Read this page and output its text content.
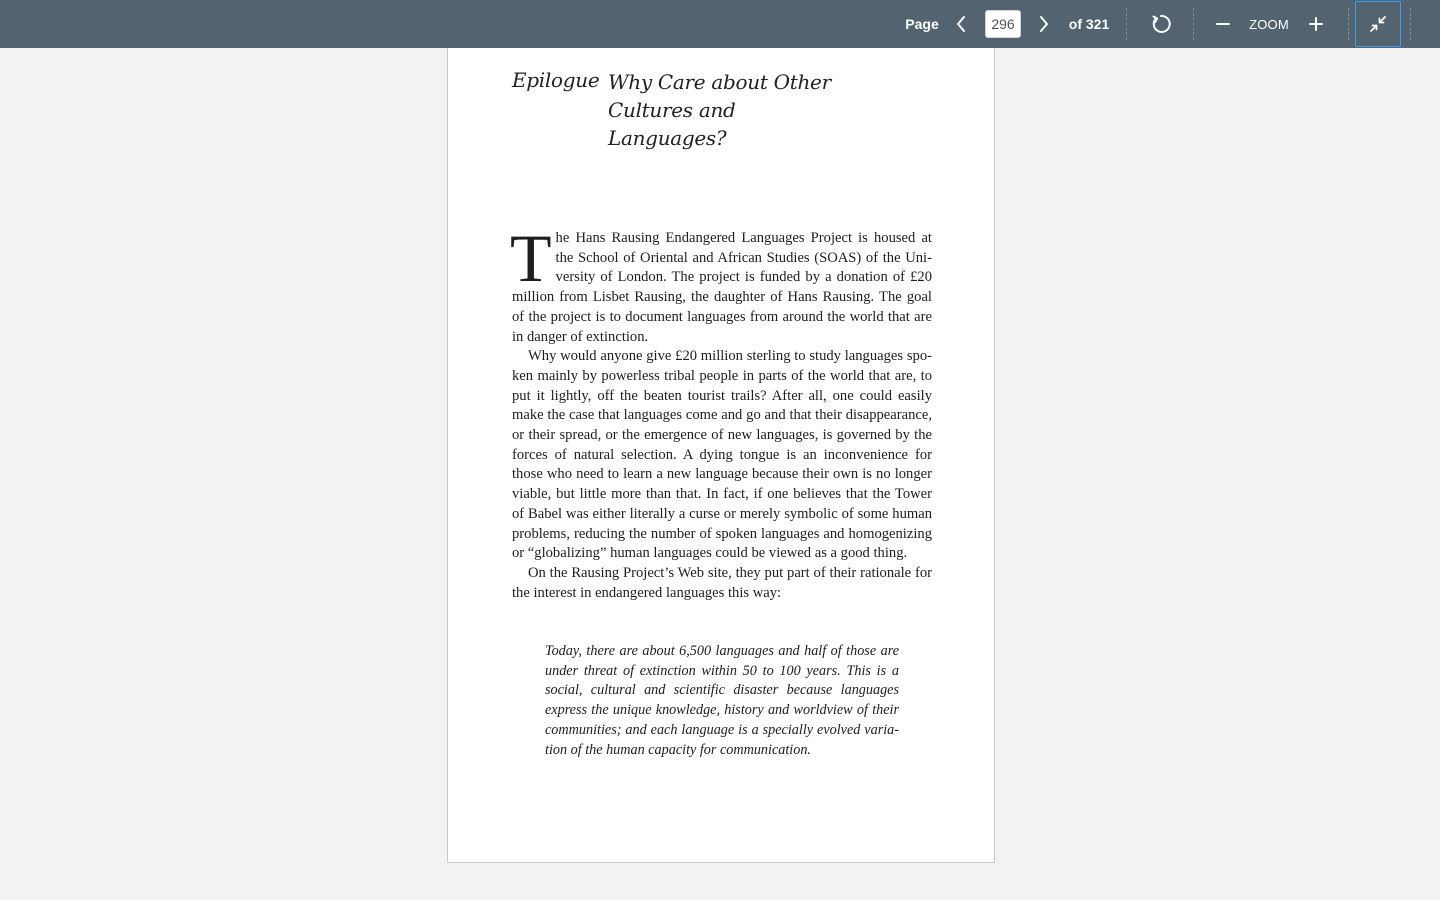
Page
296	of 321	ZOOM
Epilogue Why Care about Other
Cultures and Languages?

The Hans Rausing Endangered Languages Project is housed at the School of Oriental and African Studies (SOAS) of the University of London. The project is funded by a donation of £20 million from Lisbet Rausing, the daughter of Hans Rausing. The goal of the project is to document languages from around the world that are in danger of extinction.

Why would anyone give £20 million sterling to study languages spoken mainly by powerless tribal people in parts of the world that are, to put it lightly, off the beaten tourist trails? After all, one could easily make the case that languages come and go and that their disappearance, or their spread, or the emergence of new languages, is governed by the forces of natural selection. A dying tongue is an inconvenience for those who need to learn a new language because their own is no longer viable, but little more than that. In fact, if one believes that the Tower of Babel was either literally a curse or merely symbolic of some human problems, reducing the number of spoken languages and homogenizing or “globalizing” human languages could be viewed as a good thing.

On the Rausing Project’s Web site, they put part of their rationale for the interest in endangered languages this way:

Today, there are about 6,500 languages and half of those are under threat of extinction within 50 to 100 years. This is a social, cultural and scientific disaster because languages express the unique knowledge, history and worldview of their communities; and each language is a specially evolved variation of the human capacity for communication.
